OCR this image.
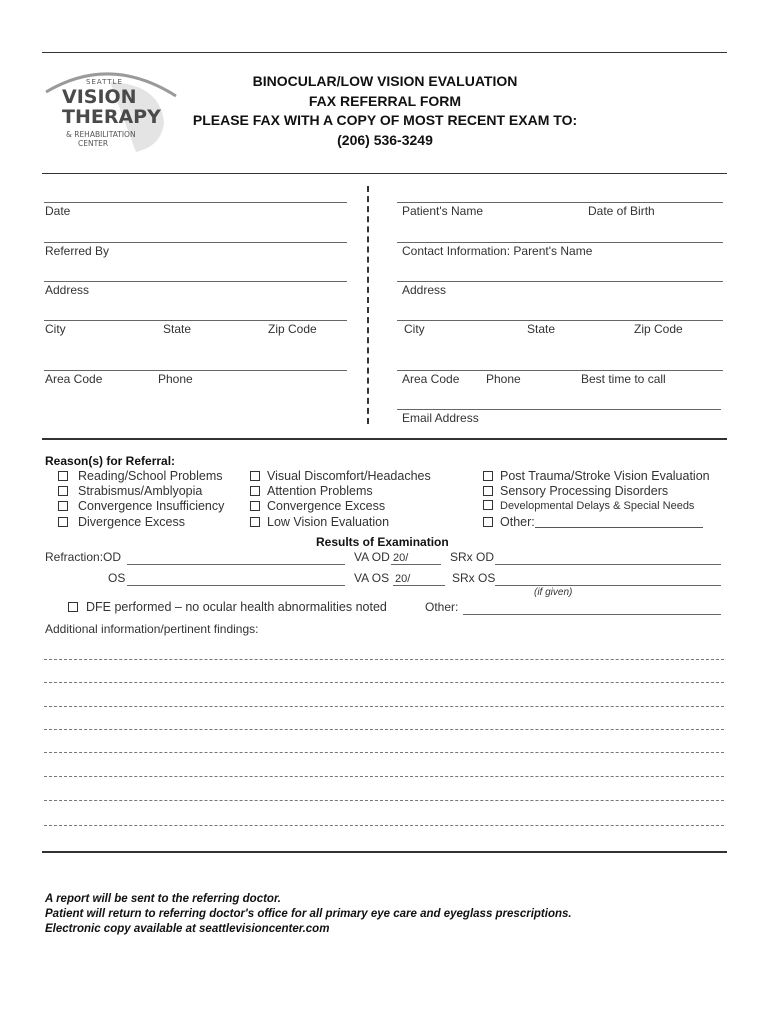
SEATTLE
VISION
THERAPY
& REHABILITATION
CENTER
BINOCULAR/LOW VISION EVALUATION
FAX REFERRAL FORM
PLEASE FAX WITH A COPY OF MOST RECENT EXAM TO:
(206) 536-3249
Date
Referred By
Address
City	State	Zip Code
Area Code	Phone
Patient's Name	Date of Birth
Contact Information: Parent's Name
Address
City	State	Zip Code
Area Code Phone	Best time to call
Email Address
Reason(s) for Referral:
Reading/School Problems
Strabismus/Amblyopia
Convergence Insufficiency
Divergence Excess
Visual Discomfort/Headaches
Attention Problems
Convergence Excess
Low Vision Evaluation
Post Trauma/Stroke Vision Evaluation
Sensory Processing Disorders
Developmental Delays & Special Needs
Other:
Results of Examination
Refraction:OD	VA OD 20/	SRx OD
OS	VA OS 20/	SRx OS
(if given)
DFE performed – no ocular health abnormalities noted	Other:
Additional information/pertinent findings:
A report will be sent to the referring doctor.
Patient will return to referring doctor's office for all primary eye care and eyeglass prescriptions.
Electronic copy available at seattlevisioncenter.com
